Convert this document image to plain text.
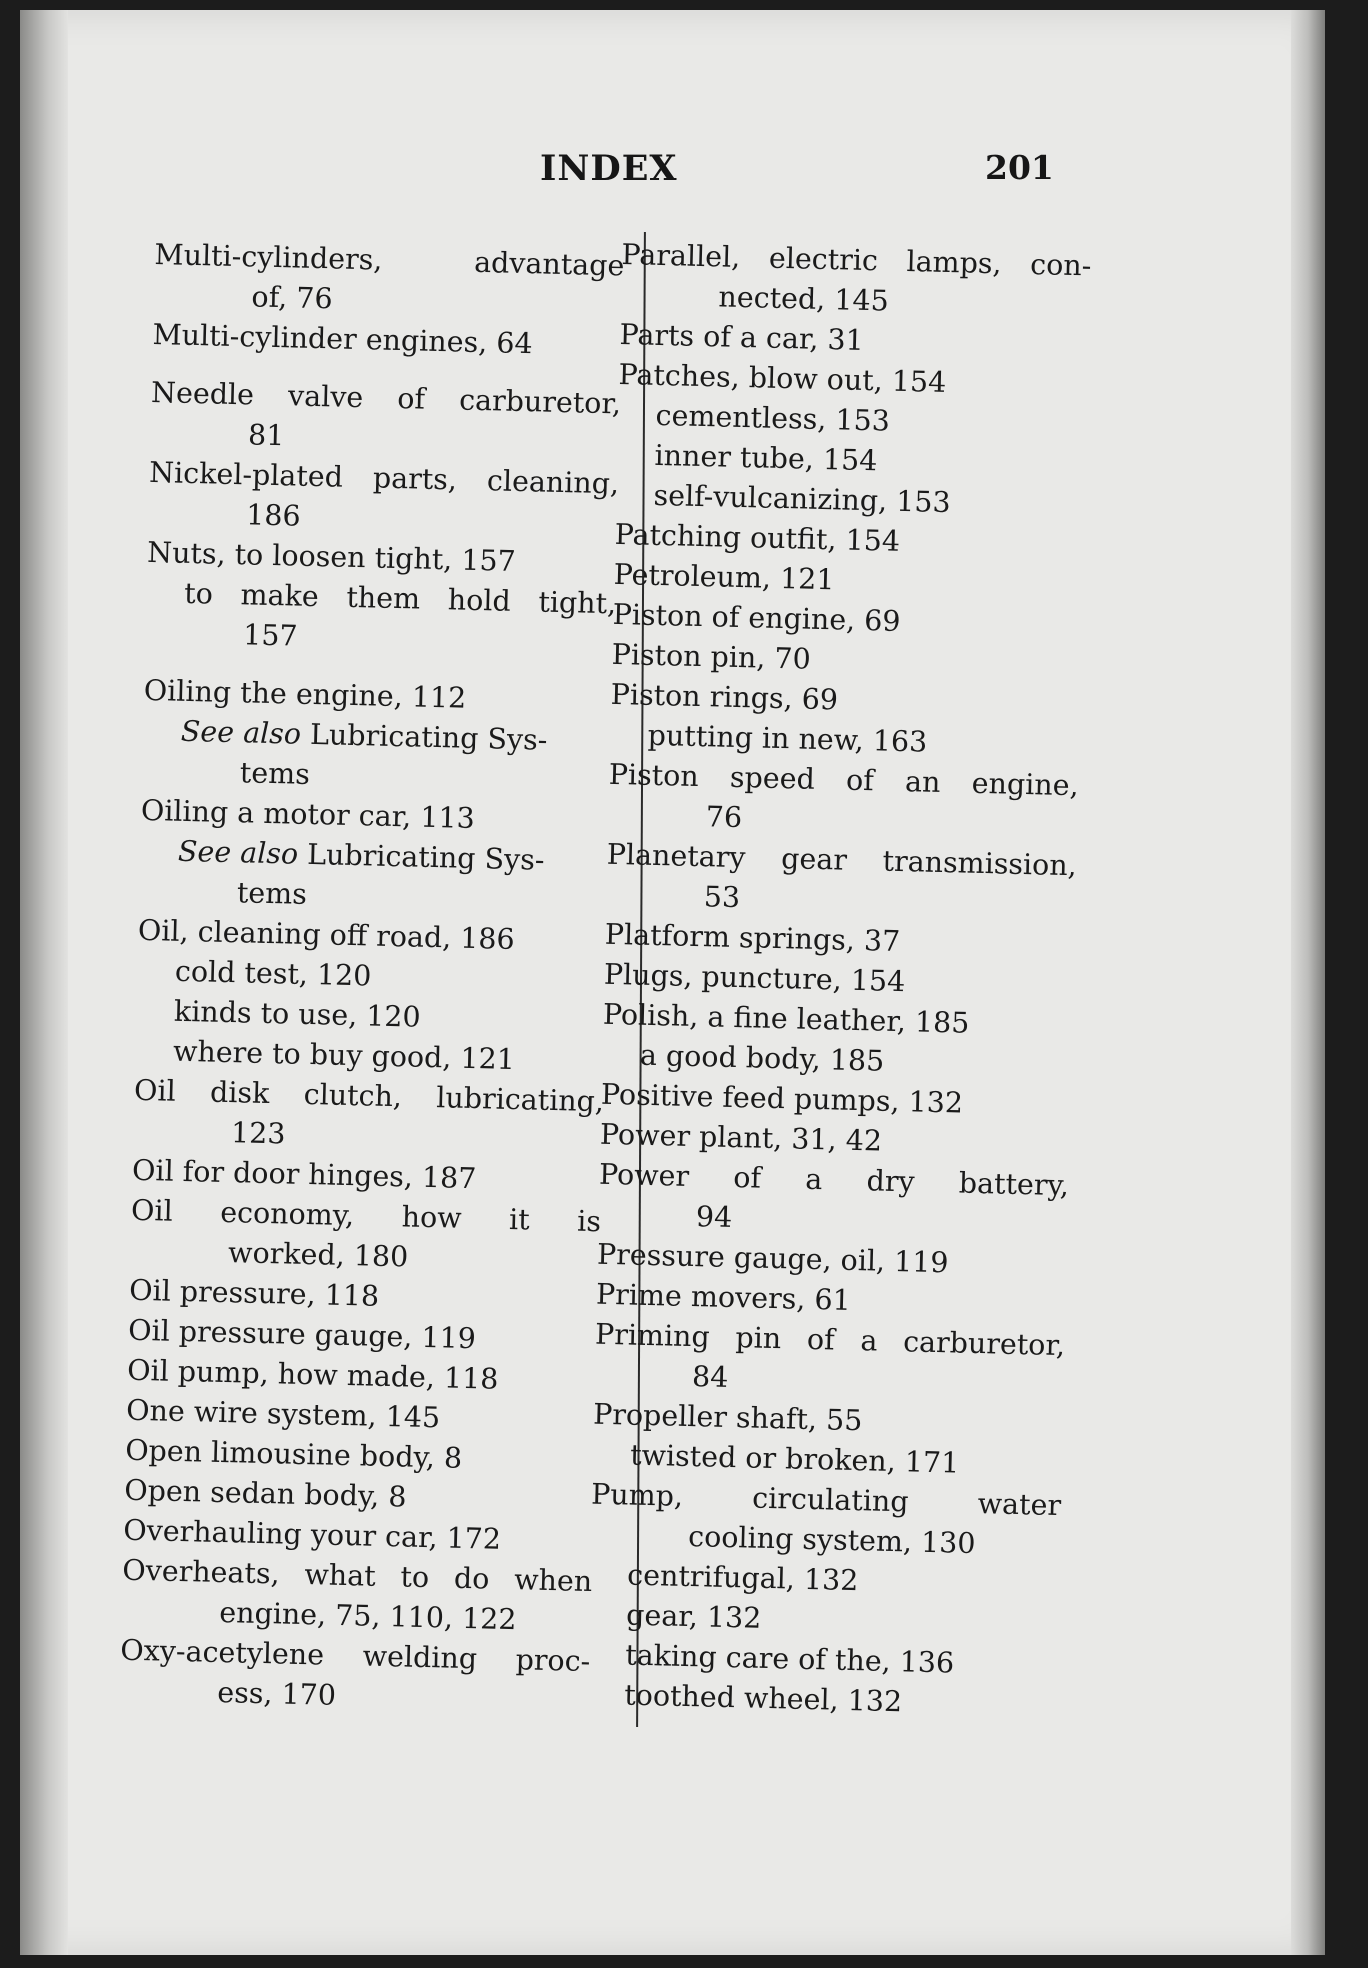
INDEX	201
Multi-cylinders,	advantage
of, 76
Multi-cylinder engines, 64
Needle valve of carburetor,
81
Nickel-plated parts, cleaning,
186
Nuts, to loosen tight, 157
to make them hold tight,
157
Oiling the engine, 112
See also Lubricating Sys-
tems
Oiling a motor car, 113
See also Lubricating Sys-
tems
Oil, cleaning off road, 186
cold test, 120
kinds to use, 120
where to buy good, 121
Oil disk clutch, lubricating,
123
Oil for door hinges, 187
Oil economy, how it is
worked, 180
Oil pressure, 118
Oil pressure gauge, 119
Oil pump, how made, 118
One wire system, 145
Open limousine body, 8
Open sedan body, 8
Overhauling your car, 172
Overheats, what to do when
engine, 75, 110, 122
Oxy-acetylene welding proc-
ess, 170
Parallel, electric lamps, con-
nected, 145
Parts of a car, 31
Patches, blow out, 154
cementless, 153
inner tube, 154
self-vulcanizing, 153
Patching outfit, 154
Petroleum, 121
Piston of engine, 69
Piston pin, 70
Piston rings, 69
putting in new, 163
Piston speed of an engine,
76
Planetary gear transmission,
53
Platform springs, 37
Plugs, puncture, 154
Polish, a fine leather, 185
a good body, 185
Positive feed pumps, 132
Power plant, 31, 42
Power of a dry battery,
94
Pressure gauge, oil, 119
Prime movers, 61
Priming pin of a carburetor,
84
Propeller shaft, 55
twisted or broken, 171
Pump, circulating water
cooling system, 130
centrifugal, 132
gear, 132
taking care of the, 136
toothed wheel, 132
